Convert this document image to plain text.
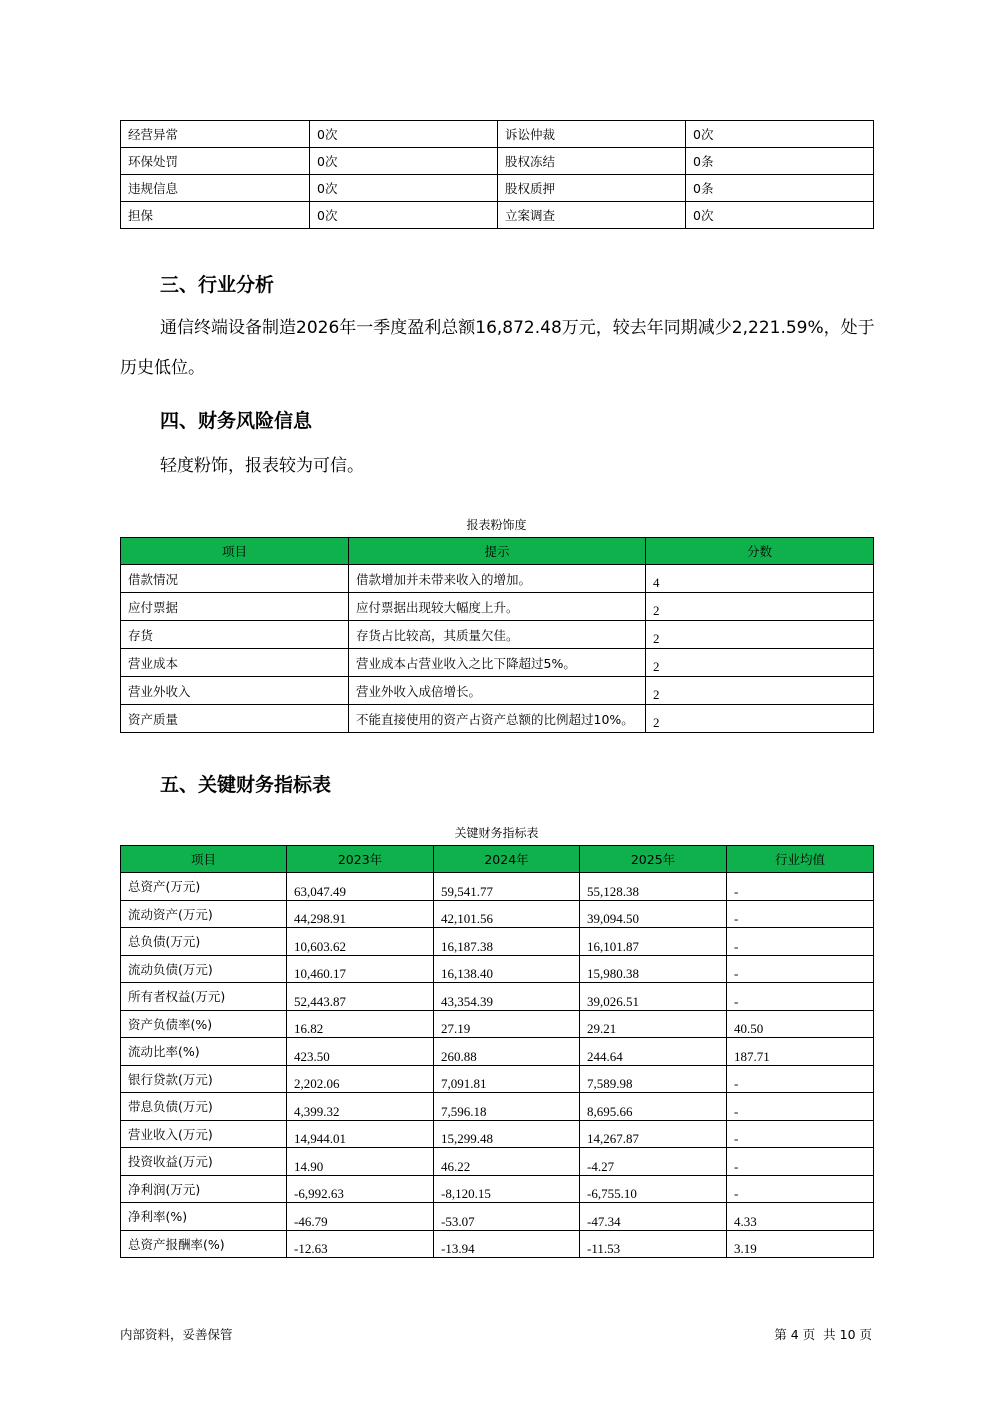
经营异常	0次	诉讼仲裁	0次
环保处罚	0次	股权冻结	0条
违规信息	0次	股权质押	0条
担保	0次	立案调查	0次
三、行业分析

通信终端设备制造2026年一季度盈利总额16,872.48万元，较去年同期减少2,221.59%，处于

历史低位。

四、财务风险信息

轻度粉饰，报表较为可信。

报表粉饰度
项目	提示	分数
借款情况	借款增加并未带来收入的增加。	4
应付票据	应付票据出现较大幅度上升。	2
存货	存货占比较高，其质量欠佳。	2
营业成本	营业成本占营业收入之比下降超过5%。	2
营业外收入	营业外收入成倍增长。	2
资产质量	不能直接使用的资产占资产总额的比例超过10%。	2
五、关键财务指标表
关键财务指标表
项目	2023年	2024年	2025年	行业均值
总资产(万元)	63,047.49	59,541.77	55,128.38	-
流动资产(万元)	44,298.91	42,101.56	39,094.50	-
总负债(万元)	10,603.62	16,187.38	16,101.87	-
流动负债(万元)	10,460.17	16,138.40	15,980.38	-
所有者权益(万元)	52,443.87	43,354.39	39,026.51	-
资产负债率(%)	16.82	27.19	29.21	40.50
流动比率(%)	423.50	260.88	244.64	187.71
银行贷款(万元)	2,202.06	7,091.81	7,589.98	-
带息负债(万元)	4,399.32	7,596.18	8,695.66	-
营业收入(万元)	14,944.01	15,299.48	14,267.87	-
投资收益(万元)	14.90	46.22	-4.27	-
净利润(万元)	-6,992.63	-8,120.15	-6,755.10	-
净利率(%)	-46.79	-53.07	-47.34	4.33
总资产报酬率(%)	-12.63	-13.94	-11.53	3.19
内部资料，妥善保管	第 4 页  共 10 页
